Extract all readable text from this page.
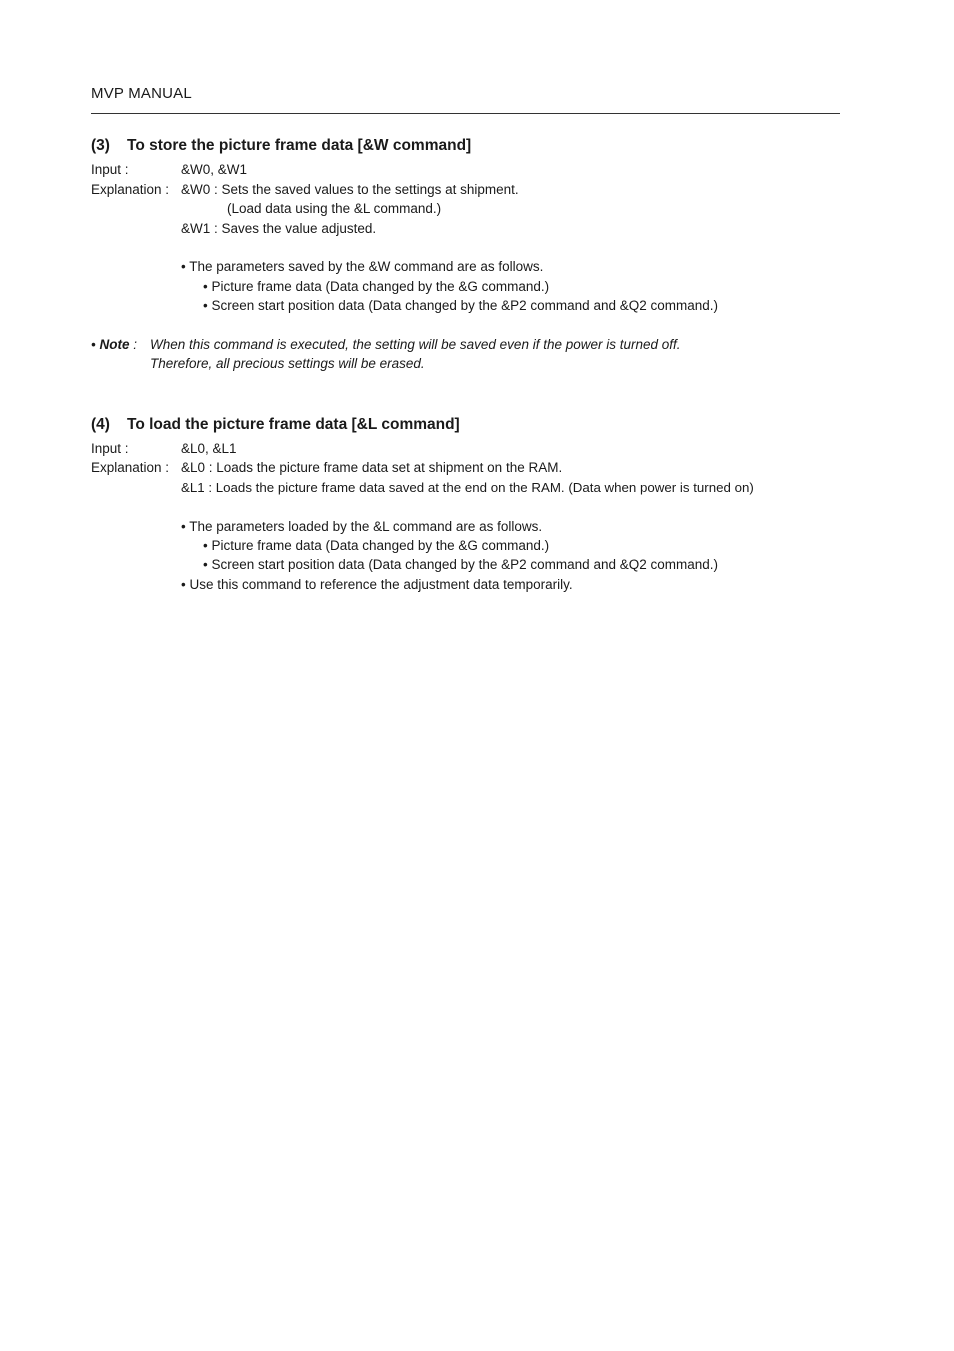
MVP MANUAL
(3) To store the picture frame data [&W command]
Input :	&W0, &W1
Explanation : &W0 : Sets the saved values to the settings at shipment.
(Load data using the &L command.)
&W1 : Saves the value adjusted.
• The parameters saved by the &W command are as follows.
• Picture frame data (Data changed by the &G command.)
• Screen start position data (Data changed by the &P2 command and &Q2 command.)
• Note : When this command is executed, the setting will be saved even if the power is turned off.
Therefore, all precious settings will be erased.
(4) To load the picture frame data [&L command]
Input :	&L0, &L1
Explanation : &L0 : Loads the picture frame data set at shipment on the RAM.
&L1 : Loads the picture frame data saved at the end on the RAM. (Data when power is turned on)
• The parameters loaded by the &L command are as follows.
• Picture frame data (Data changed by the &G command.)
• Screen start position data (Data changed by the &P2 command and &Q2 command.)
• Use this command to reference the adjustment data temporarily.
